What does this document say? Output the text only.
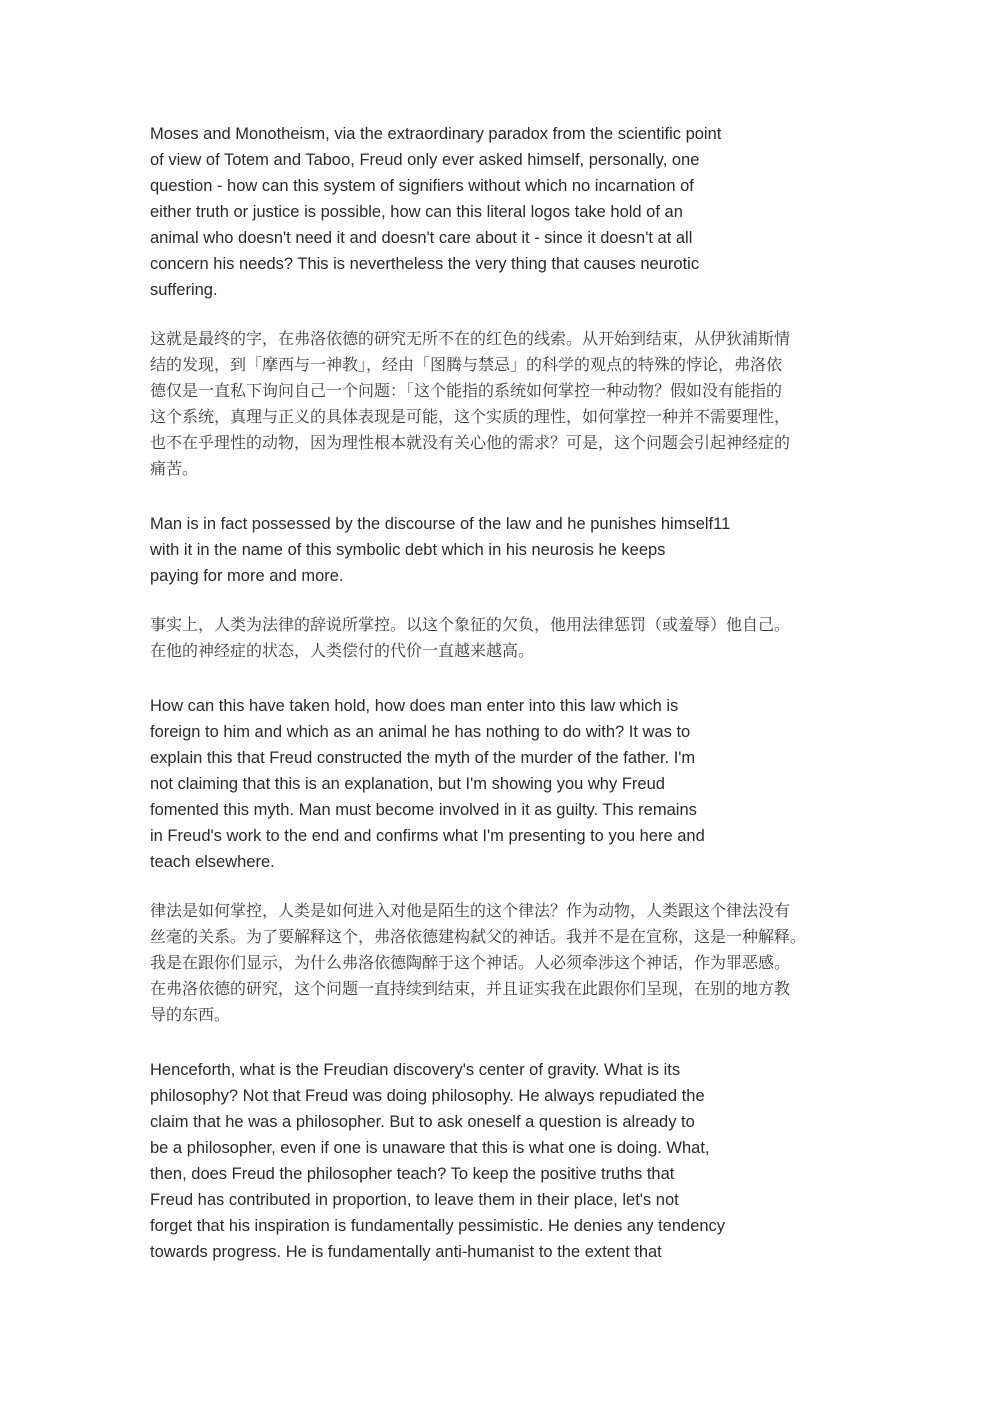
Moses and Monotheism, via the extraordinary paradox from the scientific point
of view of Totem and Taboo, Freud only ever asked himself, personally, one
question - how can this system of signifiers without which no incarnation of
either truth or justice is possible, how can this literal logos take hold of an
animal who doesn't need it and doesn't care about it - since it doesn't at all
concern his needs? This is nevertheless the very thing that causes neurotic
suffering.

这就是最终的字，在弗洛依德的研究无所不在的红色的线索。从开始到结束，从伊狄浦斯情
结的发现，到「摩西与一神教」，经由「图腾与禁忌」的科学的观点的特殊的悖论，弗洛依
德仅是一直私下询问自己一个问题：「这个能指的系统如何掌控一种动物？假如没有能指的
这个系统，真理与正义的具体表现是可能，这个实质的理性，如何掌控一种并不需要理性，
也不在乎理性的动物，因为理性根本就没有关心他的需求？可是，这个问题会引起神经症的
痛苦。

Man is in fact possessed by the discourse of the law and he punishes himself11
with it in the name of this symbolic debt which in his neurosis he keeps
paying for more and more.

事实上，人类为法律的辞说所掌控。以这个象征的欠负，他用法律惩罚（或羞辱）他自己。
在他的神经症的状态，人类偿付的代价一直越来越高。

How can this have taken hold, how does man enter into this law which is
foreign to him and which as an animal he has nothing to do with? It was to
explain this that Freud constructed the myth of the murder of the father. I'm
not claiming that this is an explanation, but I'm showing you why Freud
fomented this myth. Man must become involved in it as guilty. This remains
in Freud's work to the end and confirms what I'm presenting to you here and
teach elsewhere.

律法是如何掌控，人类是如何进入对他是陌生的这个律法？作为动物，人类跟这个律法没有
丝毫的关系。为了要解释这个，弗洛依德建构弑父的神话。我并不是在宣称，这是一种解释。
我是在跟你们显示，为什么弗洛依德陶醉于这个神话。人必须牵涉这个神话，作为罪恶感。
在弗洛依德的研究，这个问题一直持续到结束，并且证实我在此跟你们呈现，在别的地方教
导的东西。

Henceforth, what is the Freudian discovery's center of gravity. What is its
philosophy? Not that Freud was doing philosophy. He always repudiated the
claim that he was a philosopher. But to ask oneself a question is already to
be a philosopher, even if one is unaware that this is what one is doing. What,
then, does Freud the philosopher teach? To keep the positive truths that
Freud has contributed in proportion, to leave them in their place, let's not
forget that his inspiration is fundamentally pessimistic. He denies any tendency
towards progress. He is fundamentally anti-humanist to the extent that
